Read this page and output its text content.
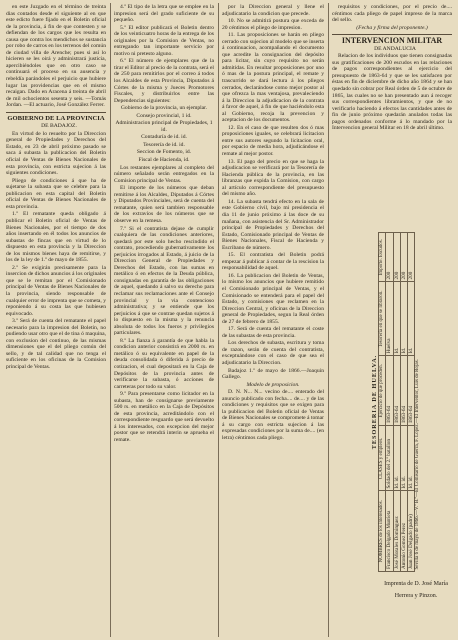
en este Juzgado en el término de treinta dias contados desde el siguiente al en que este edicto fuere fijado en el Boletin oficial de la provincia, á fin de que contesten y se defiendan de los cargos que les resulta en causa que contra los mendichos se sustancia por robo de carros en los terrenos del común de ciudad villa de Arenche; pues si así lo hicieren se les oirá y administrará justicia, apercibiéndoles que en otro caso se continuará el proceso en su ausencia y rebeldía parándoles el perjuicio que hubiere lugar las providencias que en el mismo recaigan. Dado en Aracena á treinta de abril de mil ochocientos sesenta y seis. —Tomás Jordan. —El actuario, José González Ferrer.

GOBIERNO DE LA PROVINCIA

DE BADAJOZ.

En virtud de lo resuelto por la Direccion general de Propiedades y Derechos del Estado, en 23 de abril próximo pasado se saca á subasta la publicacion del Boletin oficial de Ventas de Bienes Nacionales de esta provincia, con estricta sujecion á las siguientes condiciones.

Pliego de condiciones á que ha de sujetarse la subasta que se celebre para la publicacion en esta capital del Boletin oficial de Ventas de Bienes Nacionales de esta provincia.

1.º El rematante queda obligado á publicar el Boletin oficial de Ventas de Bienes Nacionales, por el tiempo de dos años insertando en él todos los anuncios de subastas de fincas que en virtud de lo dispuesto en esta provincia y la Direccion de los mismos bienes haya de remitirse, y los de la ley de 1.º de mayo de 1855.

2.º Se exigirán precisamente para la insercion de dichos anuncios á los originales que se le remitan por el Comisionado principal de Ventas de Bienes Nacionales de la provincia, siendo responsable de cualquier error de imprenta que se cometa, y reponiendo á su costa las que hubiesen equivocado.

3.º Será de cuenta del rematante el papel necesario para la impresion del Boletin, no pudiendo usar otro que el de tina ó maquina, con exclusion del continuo, de las mismas dimensiones que el del pliego común del sello, y de tal calidad que no tenga el suficiente en los oficinas de la Comision principal de Ventas.

4.º El tipo de la letra que se emplee en la impresion será del grado suficiente de su pequeño.

5.º El editor publicará el Boletin dentro de los veinticuatro horas de la entrega de los originales por la Comision de Ventas, no entregando tan importante servicio por motivo ni pretesto alguno.

6.º El número de ejemplares que de la tirar el Editor al precio de la contrata, será el de 250 para remitirlos por el correo á todos los Alcaldes de esta Provincia, Diputados á Córtes de la misma y Jueces Promotores Fiscales, y distribuirlos entre las Dependencias siguientes:

Gobierno de la provincia, un ejemplar.

Consejo provincial, 1 id.

Administracion principal de Propiedades, 1 id.

Contaduría de id. id.

Tesorería de id. id.

Seccion de Fomento, id.

Fiscal de Hacienda, id.

Los restantes ejemplares al completo del número señalado serán entregados en la Comision principal de Ventas.

El importe de los números que deban remitirse á los Alcaldes, Diputados á Córtes y Diputados Provinciales, será de cuenta del rematante, quien será tambien responsable de los extravíos de los números que se observe en la remesa.

7.º Si el contratista dejase de cumplir cualquiera de las condiciones anteriores, quedará por este solo hecho rescindido el contrato, procediendo gubernativamente los perjuicios irrogados al Estado, á juicio de la Direccion General de Propiedades y Derechos del Estado, con las sumas en metálico ó en efectos de la Deuda pública, consignadas en garantía de las obligaciones de aquel, quedando á salvo su derecho para reclamar sus reclamaciones ante el Consejo provincial y la via contencioso administrativa; y se entiende que los perjuicios á que se contrae quedan sujetos á lo dispuesto en la misma y la renuncia absoluta de todos los fueros y privilegios particulares.

8.º La fianza á garantía de que habla la condicion anterior consistirá en 2000 rs. en metálico ó su equivalente en papel de la deuda consolidada ó diferida á precio de cotizacion, el cual depositará en la Caja de Depósitos de la provincia antes de verificarse la subasta, ó acciones de carreteras por todo su valor.

9.º Para presentarse como licitador en la subasta, han de consignarse previamente 500 rs. en metálico en la Caja de Depósitos de esta provincia, acreditándolo con el correspondiente resguardo que será devuelto á los interesados, con excepcion del mejor postor que se retendrá interin se aprueba el remate.

por la Direccion general y llene el adjudicatario la condicion que precede.

10. No se admitirá postura que exceda de 20 céntimos el pliego de impresion.

11. Las proposiciones se harán en pliego cerrado con sujecion al modelo que se inserta á continuacion, acompañando el documento que acredite la consignacion del depósito para licitar, sin cuyo requisito no serán admitidas. En resultar proposiciones por uno ó mas de la postura principal, el remate y trascurrido se dará lectura á los pliegos cerrados, declarándose como mejor postor al que ofrezca la mas ventajosa, prevaleciendo á la Direccion la adjudicacion de la contrata á favor de aquel, á fin de que haciéndolo esta al Gobierno, recoja la prevencion y aceptacion de los documentos.

12. En el caso de que resulten dos ó mas proposiciones iguales, se celebrará licitacion entre sus autores segundo la licitacion oral, por espacio de media hora, adjudicándose el remate al mejor postor.

13. El pago del precio en que se haga la adjudicacion se verificará por la Tesorería de Hacienda pública de la provincia, en las libranzas que expida la Comision, con cargo al artículo correspondiente del presupuesto del mismo año.

14. La subasta tendrá efecto en la sala de este Gobierno civil, bajo mi presidencia el dia 11 de junio próximo á las doce de su mañana, con asistencia del Sr. Administrador principal de Propiedades y Derechos del Estado, Comisionado principal de Ventas de Bienes Nacionales, Fiscal de Hacienda y Escribano de número.

15. El contratista del Boletin podrá empezar á publicar á contar de la rescision la responsabilidad de aquel.

16. La publicacion del Boletin de Ventas, lo mismo los anuncios que hubiere remitido el Comisionado principal de Ventas, y el Comisionado se entenderá para el papel del Estado, y comisiones que reclamen en la Direccion Central, y oficinas de la Direccion general de Propiedades, segun la Real órden de 27 de febrero de 1855.

17. Será de cuenta del rematante el coste de las subastas de esta provincia.

Los derechos de subasta, escritura y toma de razon, serán de cuenta del contratista, exceptuándose con el caso de que sea el adjudicatario la Direccion.

Badajoz 1.º de mayo de 1866.—Joaquin Gallego.

Modelo de proposicion.

D. N. N... N... vecino de.... enterado del anuncio publicado con fecha.... de.... y de las condiciones y requisitos que se exigen para la publicacion del Boletin oficial de Ventas de Bienes Nacionales se compromete á tomar á su cargo con estricta sujecion á las expresadas condiciones por la suma de.... (en letra) céntimos cada pliego.

requisitos y condiciones, por el precio de.... céntimos cada pliego de papel impreso de la marca del sello.

(Fecha y firma del proponente.)

INTERVENCION MILITAR

DE ANDALUCIA

Relacion de los individuos que tienen consignadas sus gratificaciones de 200 escudos en las relaciones de pagos correspondientes al ejercicio del presupuesto de 1863-64 y que se les satisfacen por éstas en fin de diciembre de dicho año 1864 y se han quedado sin cobrar por Real órden de 5 de octubre de 1865, las cuales no se han presentado aun á recoger sus correspondientes libramientos, y que de no verificarlo haciendo á efectos las cantidades antes de fin de junio próximo quedarán anulados todas las pagos ordenados conforme á lo mandado por la Intervencion general Militar en 18 de abril último.

TESORERIA DE HUELVA.				
NOMBRES de los interesados.	CLASES y empleos.	Ejercicio de que proceden.	Tesorería en que se libraron.	Importe. Escudos.
Francisco Delgado Murrieta	Soldado del 2.º batallon	1863-64	Huelva	200
José Morales Dominguez	Id. id.	1863-64	Id.	200
Antonio Gomez Perez	Id. id.	1863-64	Id.	200
Juan José Delgado (padre)	Id. id.	1863-64	Id.	200
Sevilla 6 de mayo de 1866.—V.º B.º—El Comisario de Guerra, F. Lopez.—El Interventor, Luis de Rojas.				
Imprenta de D. José María
Herrera y Pinzon.
